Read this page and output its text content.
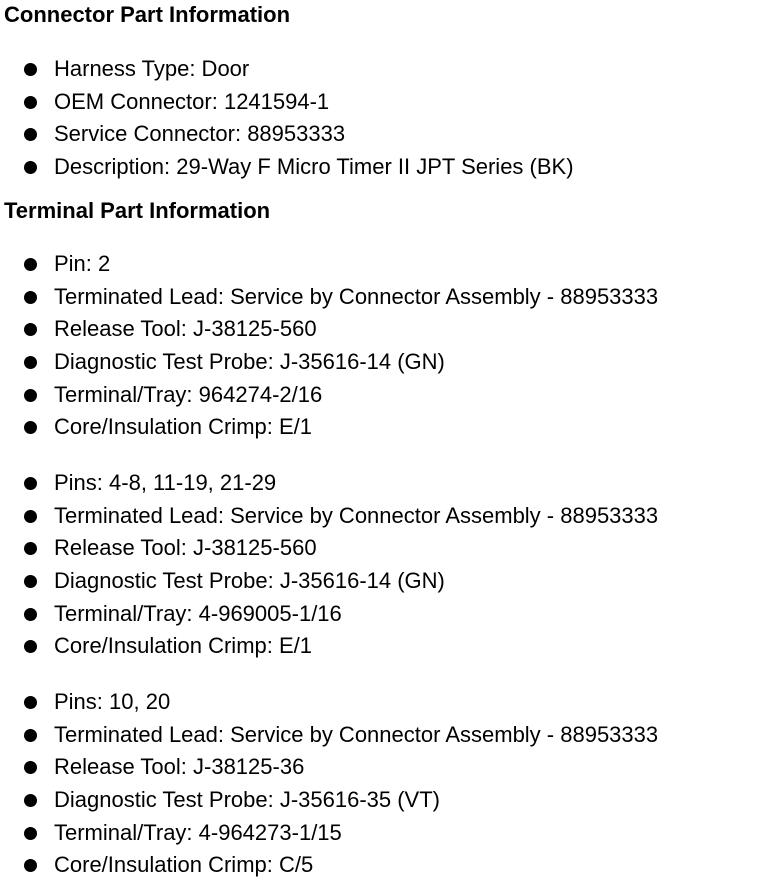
Connector Part Information
Harness Type: Door
OEM Connector: 1241594-1
Service Connector: 88953333
Description: 29-Way F Micro Timer II JPT Series (BK)
Terminal Part Information
Pin: 2
Terminated Lead: Service by Connector Assembly - 88953333
Release Tool: J-38125-560
Diagnostic Test Probe: J-35616-14 (GN)
Terminal/Tray: 964274-2/16
Core/Insulation Crimp: E/1
Pins: 4-8, 11-19, 21-29
Terminated Lead: Service by Connector Assembly - 88953333
Release Tool: J-38125-560
Diagnostic Test Probe: J-35616-14 (GN)
Terminal/Tray: 4-969005-1/16
Core/Insulation Crimp: E/1
Pins: 10, 20
Terminated Lead: Service by Connector Assembly - 88953333
Release Tool: J-38125-36
Diagnostic Test Probe: J-35616-35 (VT)
Terminal/Tray: 4-964273-1/15
Core/Insulation Crimp: C/5
